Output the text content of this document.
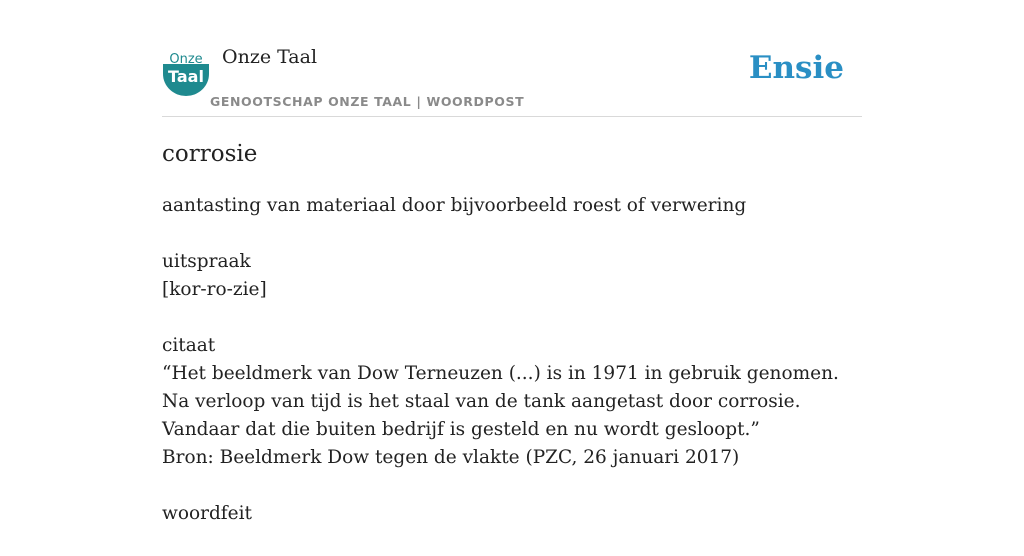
Onze
Taal
Onze Taal
GENOOTSCHAP ONZE TAAL | WOORDPOST
Ensie
corrosie

aantasting van materiaal door bijvoorbeeld roest of verwering

uitspraak
[kor-ro-zie]

citaat
“Het beeldmerk van Dow Terneuzen (...) is in 1971 in gebruik genomen. Na verloop van tijd is het staal van de tank aangetast door corrosie. Vandaar dat die buiten bedrijf is gesteld en nu wordt gesloopt.”
Bron: Beeldmerk Dow tegen de vlakte (PZC, 26 januari 2017)

woordfeit
